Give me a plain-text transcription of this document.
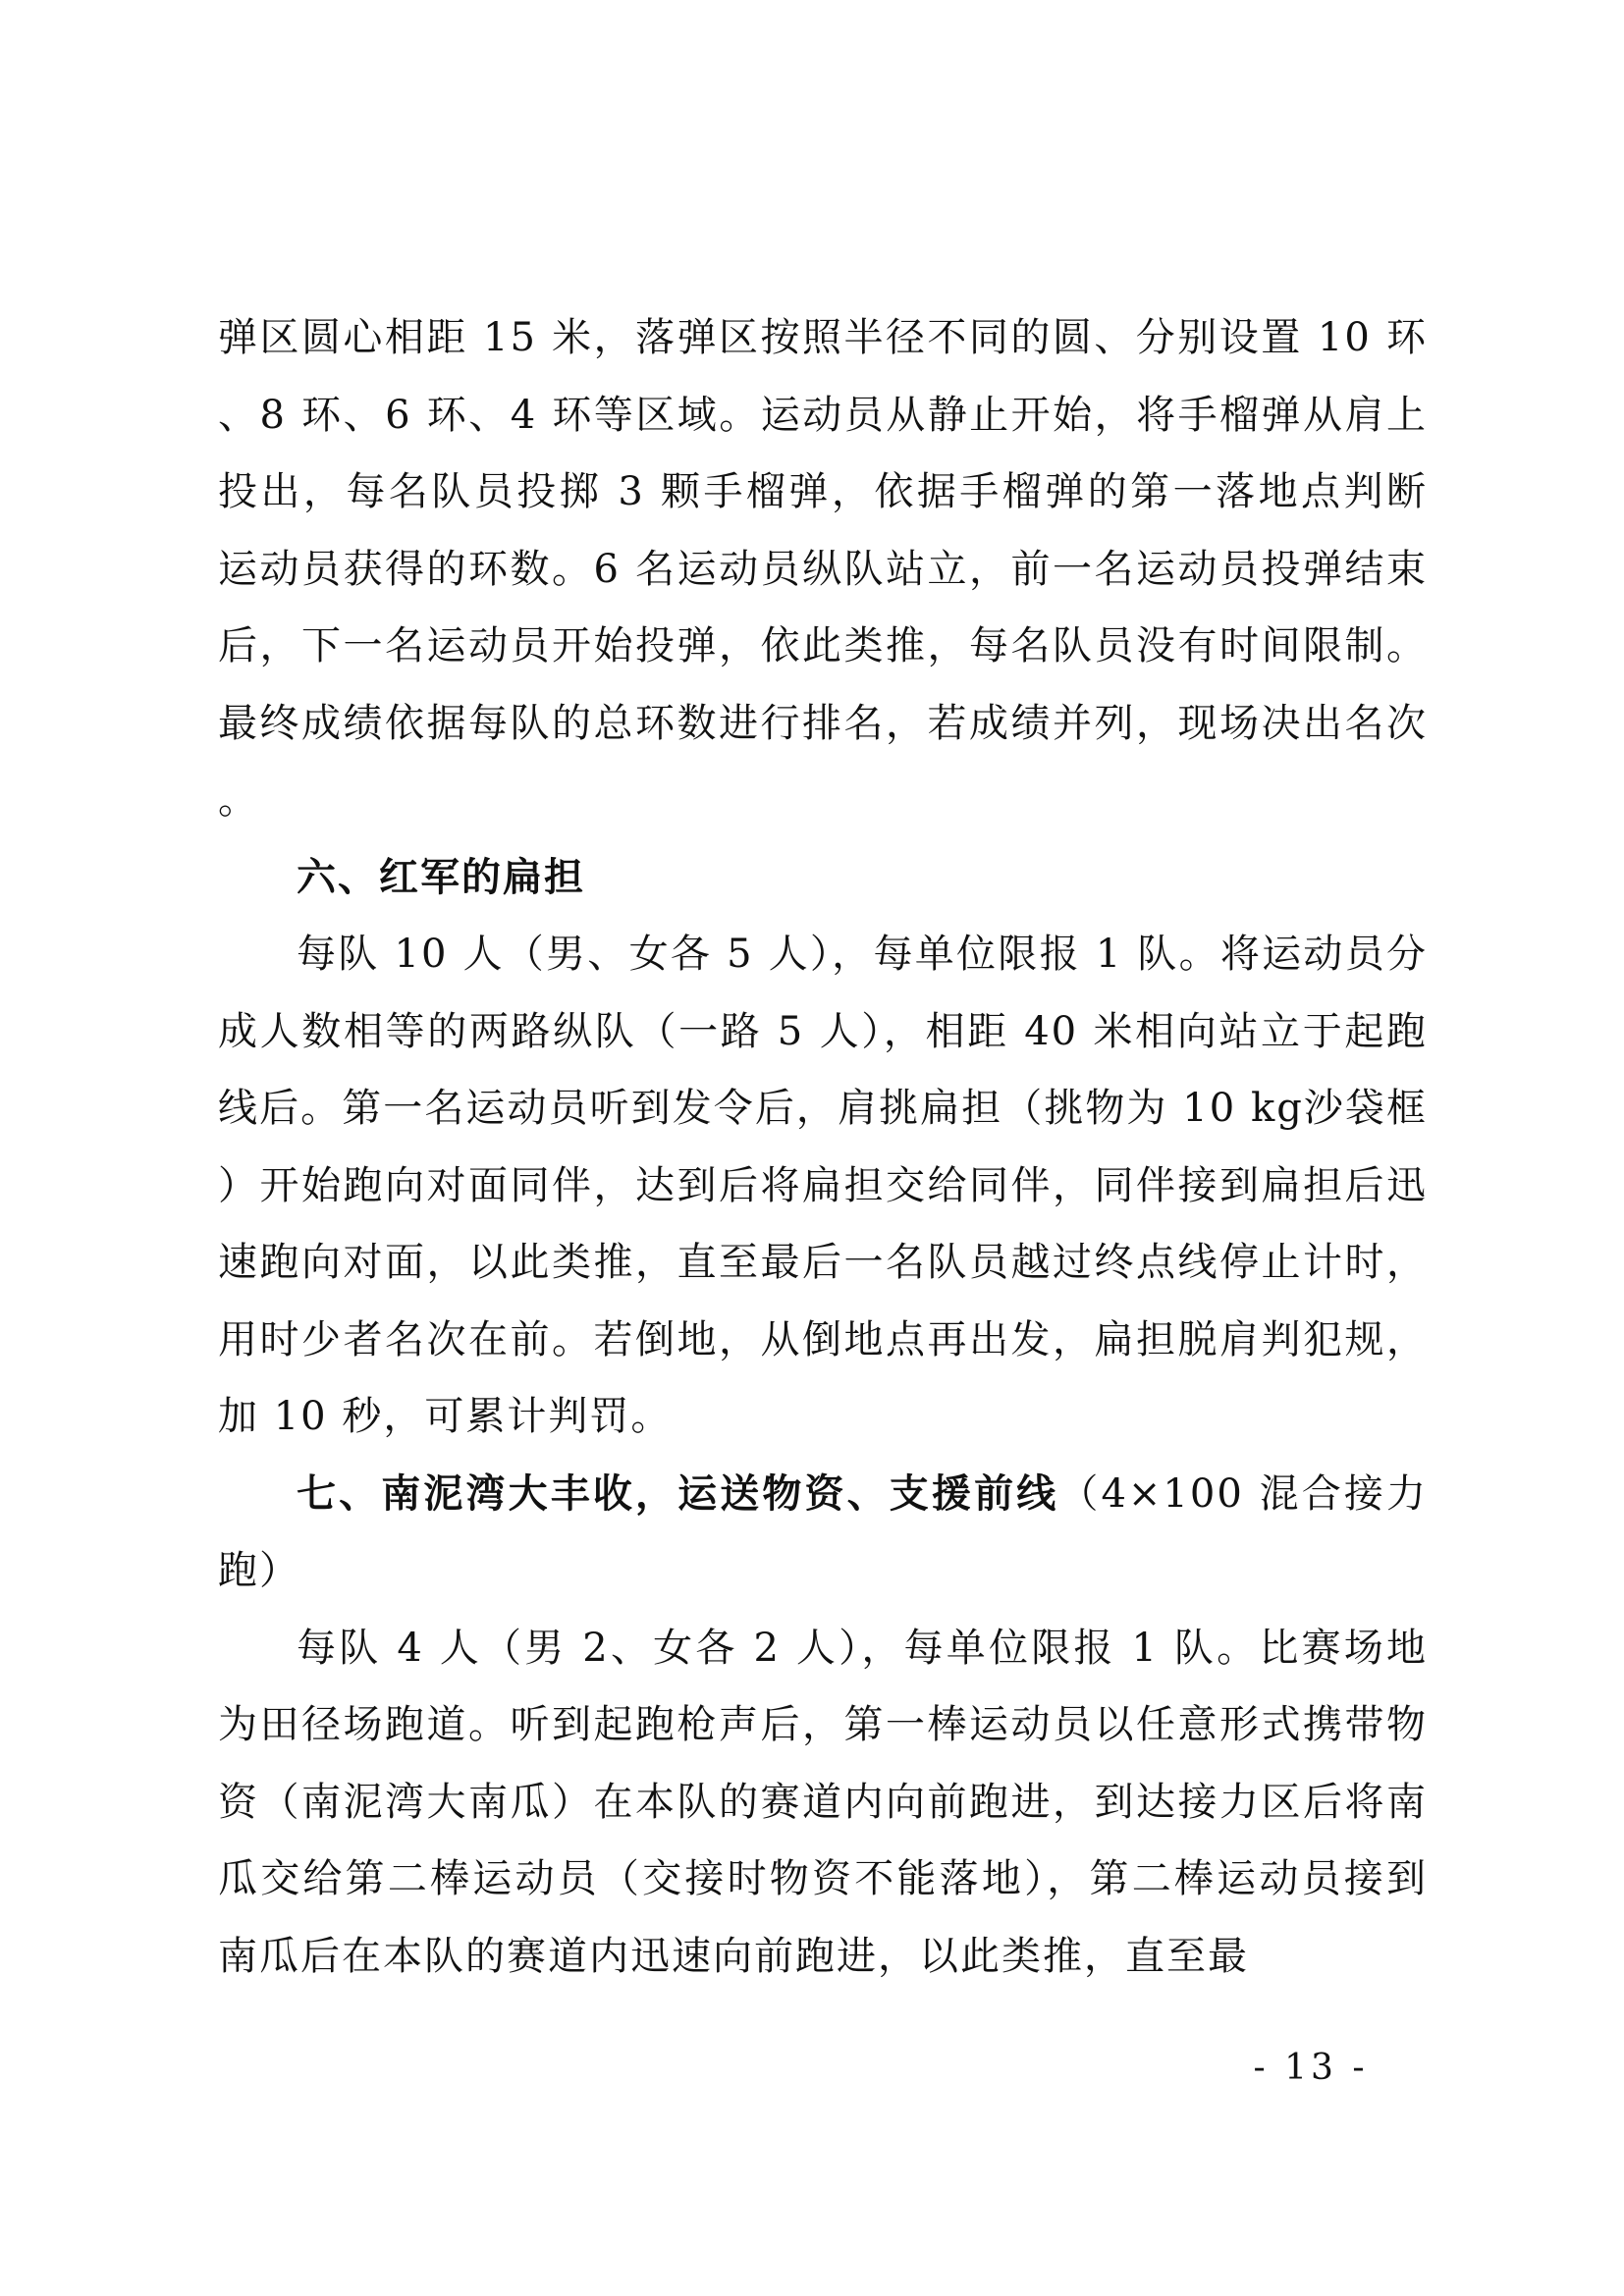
弹区圆心相距 15 米，落弹区按照半径不同的圆、分别设置 10 环、8 环、6 环、4 环等区域。运动员从静止开始，将手榴弹从肩上投出，每名队员投掷 3 颗手榴弹，依据手榴弹的第一落地点判断运动员获得的环数。6 名运动员纵队站立，前一名运动员投弹结束后，下一名运动员开始投弹，依此类推，每名队员没有时间限制。最终成绩依据每队的总环数进行排名，若成绩并列，现场决出名次。

六、红军的扁担

每队 10 人（男、女各 5 人），每单位限报 1 队。将运动员分成人数相等的两路纵队（一路 5 人），相距 40 米相向站立于起跑线后。第一名运动员听到发令后，肩挑扁担（挑物为 10 kg沙袋框）开始跑向对面同伴，达到后将扁担交给同伴，同伴接到扁担后迅速跑向对面，以此类推，直至最后一名队员越过终点线停止计时，用时少者名次在前。若倒地，从倒地点再出发，扁担脱肩判犯规，加 10 秒，可累计判罚。

七、南泥湾大丰收，运送物资、支援前线（4×100 混合接力跑）

每队 4 人（男 2、女各 2 人），每单位限报 1 队。比赛场地为田径场跑道。听到起跑枪声后，第一棒运动员以任意形式携带物资（南泥湾大南瓜）在本队的赛道内向前跑进，到达接力区后将南瓜交给第二棒运动员（交接时物资不能落地），第二棒运动员接到南瓜后在本队的赛道内迅速向前跑进，以此类推，直至最

- 13 -
